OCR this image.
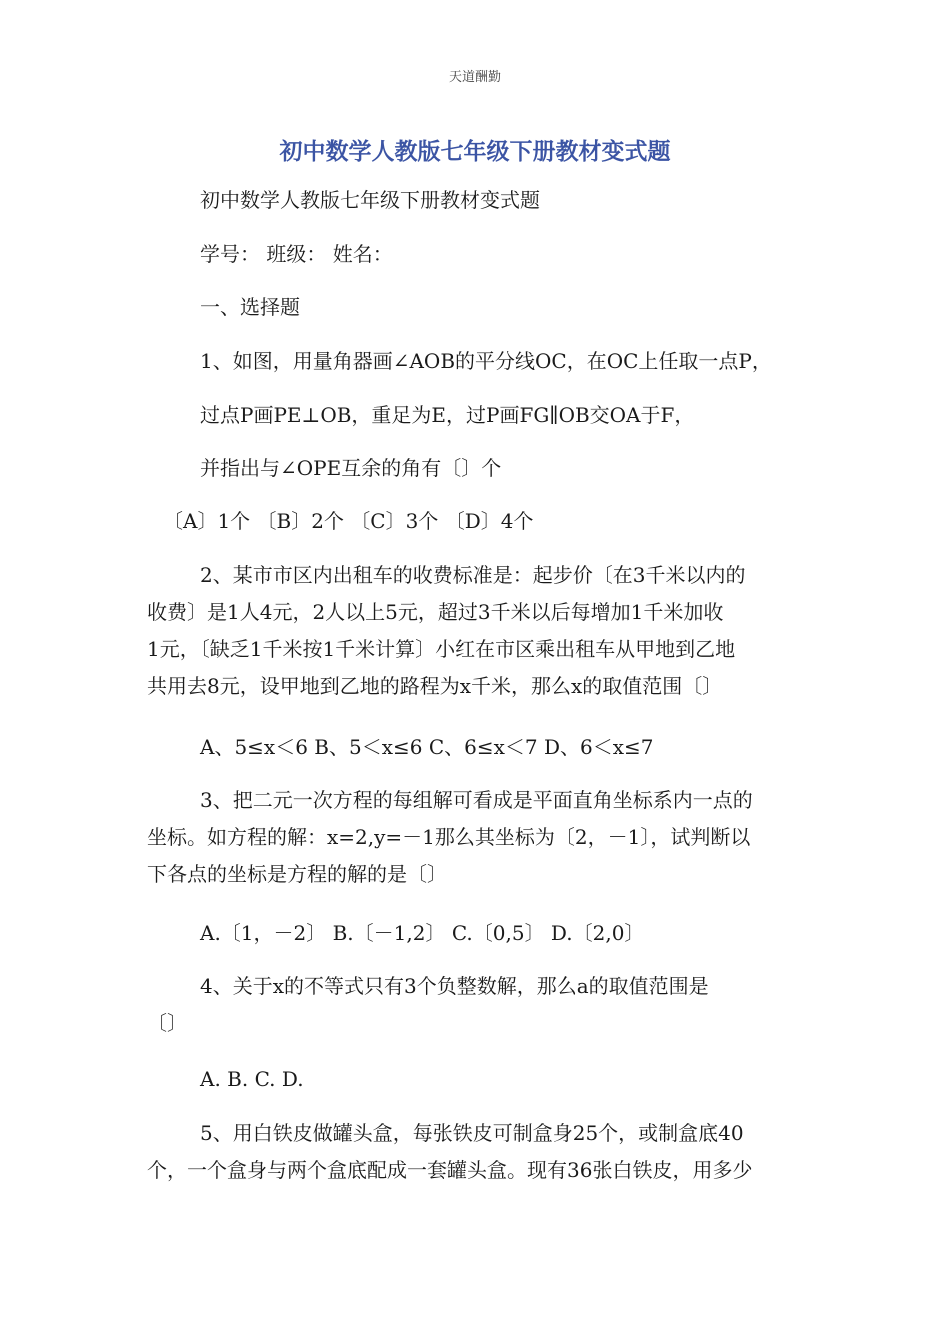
天道酬勤
初中数学人教版七年级下册教材变式题
初中数学人教版七年级下册教材变式题
学号： 班级： 姓名：
一、选择题
1、如图，用量角器画∠AOB的平分线OC，在OC上任取一点P，
过点P画PE⊥OB，重足为E，过P画FG∥OB交OA于F，
并指出与∠OPE互余的角有〔〕个
〔A〕1个 〔B〕2个 〔C〕3个 〔D〕4个
2、某市市区内出租车的收费标准是：起步价〔在3千米以内的
收费〕是1人4元，2人以上5元，超过3千米以后每增加1千米加收
1元，〔缺乏1千米按1千米计算〕小红在市区乘出租车从甲地到乙地
共用去8元，设甲地到乙地的路程为x千米，那么x的取值范围〔〕
A、5≤x＜6 B、5＜x≤6 C、6≤x＜7 D、6＜x≤7
3、把二元一次方程的每组解可看成是平面直角坐标系内一点的
坐标。如方程的解：x=2,y=－1那么其坐标为〔2，－1〕，试判断以
下各点的坐标是方程的解的是〔〕
A.〔1，－2〕 B.〔－1,2〕 C.〔0,5〕 D.〔2,0〕
4、关于x的不等式只有3个负整数解，那么a的取值范围是
〔〕
A. B. C. D.
5、用白铁皮做罐头盒，每张铁皮可制盒身25个，或制盒底40
个，一个盒身与两个盒底配成一套罐头盒。现有36张白铁皮，用多少
